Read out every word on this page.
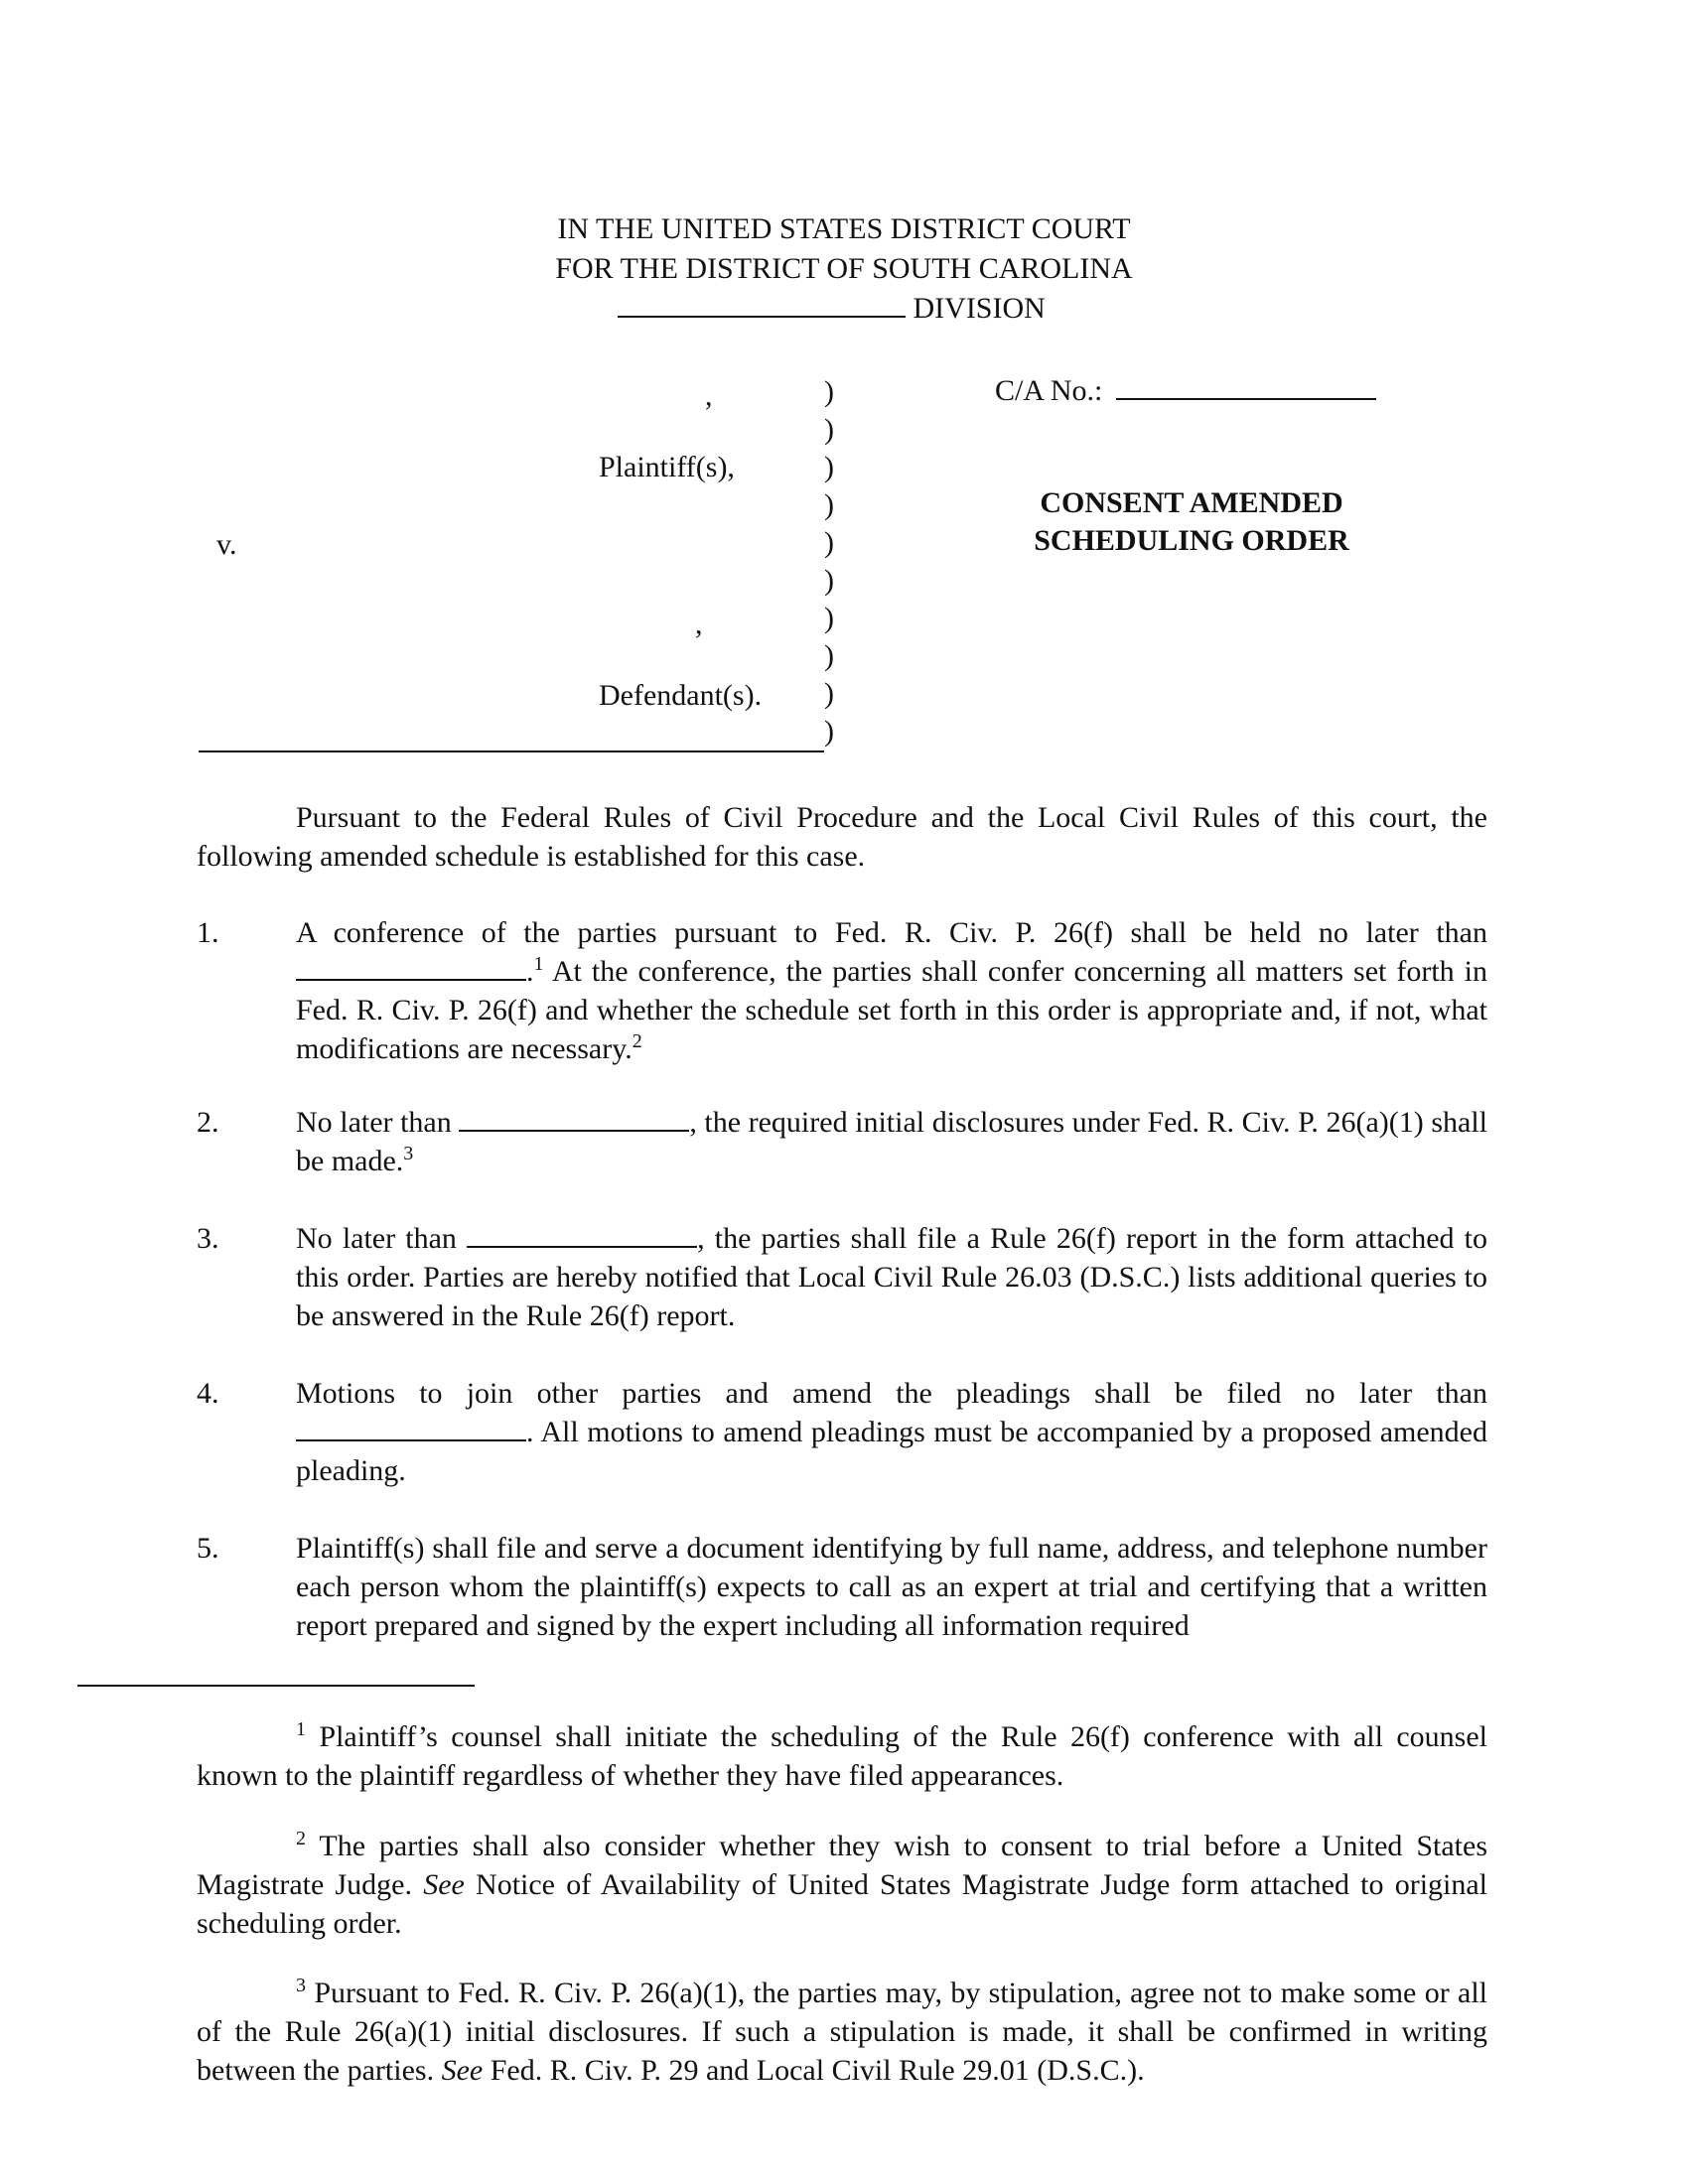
IN THE UNITED STATES DISTRICT COURT
FOR THE DISTRICT OF SOUTH CAROLINA
DIVISION
,
Plaintiff(s),
v.
,
Defendant(s).
)
)
)
)
)
)
)
)
)
)
C/A No.:
CONSENT AMENDED
SCHEDULING ORDER
Pursuant to the Federal Rules of Civil Procedure and the Local Civil Rules of this court, the following amended schedule is established for this case.
1.	A conference of the parties pursuant to Fed. R. Civ. P. 26(f) shall be held no later than .$^1$ At the conference, the parties shall confer concerning all matters set forth in Fed. R. Civ. P. 26(f) and whether the schedule set forth in this order is appropriate and, if not, what modifications are necessary.$^2$
2.	No later than	, the required initial disclosures under Fed. R. Civ. P. 26(a)(1) shall be made.$^3$
3.	No later than	, the parties shall file a Rule 26(f) report in the form attached to this order. Parties are hereby notified that Local Civil Rule 26.03 (D.S.C.) lists additional queries to be answered in the Rule 26(f) report.
4.	Motions to join other parties and amend the pleadings shall be filed no later than . All motions to amend pleadings must be accompanied by a proposed amended pleading.
5.	Plaintiff(s) shall file and serve a document identifying by full name, address, and telephone number each person whom the plaintiff(s) expects to call as an expert at trial and certifying that a written report prepared and signed by the expert including all information required
$^1$ Plaintiff’s counsel shall initiate the scheduling of the Rule 26(f) conference with all counsel known to the plaintiff regardless of whether they have filed appearances.
$^2$ The parties shall also consider whether they wish to consent to trial before a United States Magistrate Judge. See Notice of Availability of United States Magistrate Judge form attached to original scheduling order.
$^3$ Pursuant to Fed. R. Civ. P. 26(a)(1), the parties may, by stipulation, agree not to make some or all of the Rule 26(a)(1) initial disclosures. If such a stipulation is made, it shall be confirmed in writing between the parties. See Fed. R. Civ. P. 29 and Local Civil Rule 29.01 (D.S.C.).
